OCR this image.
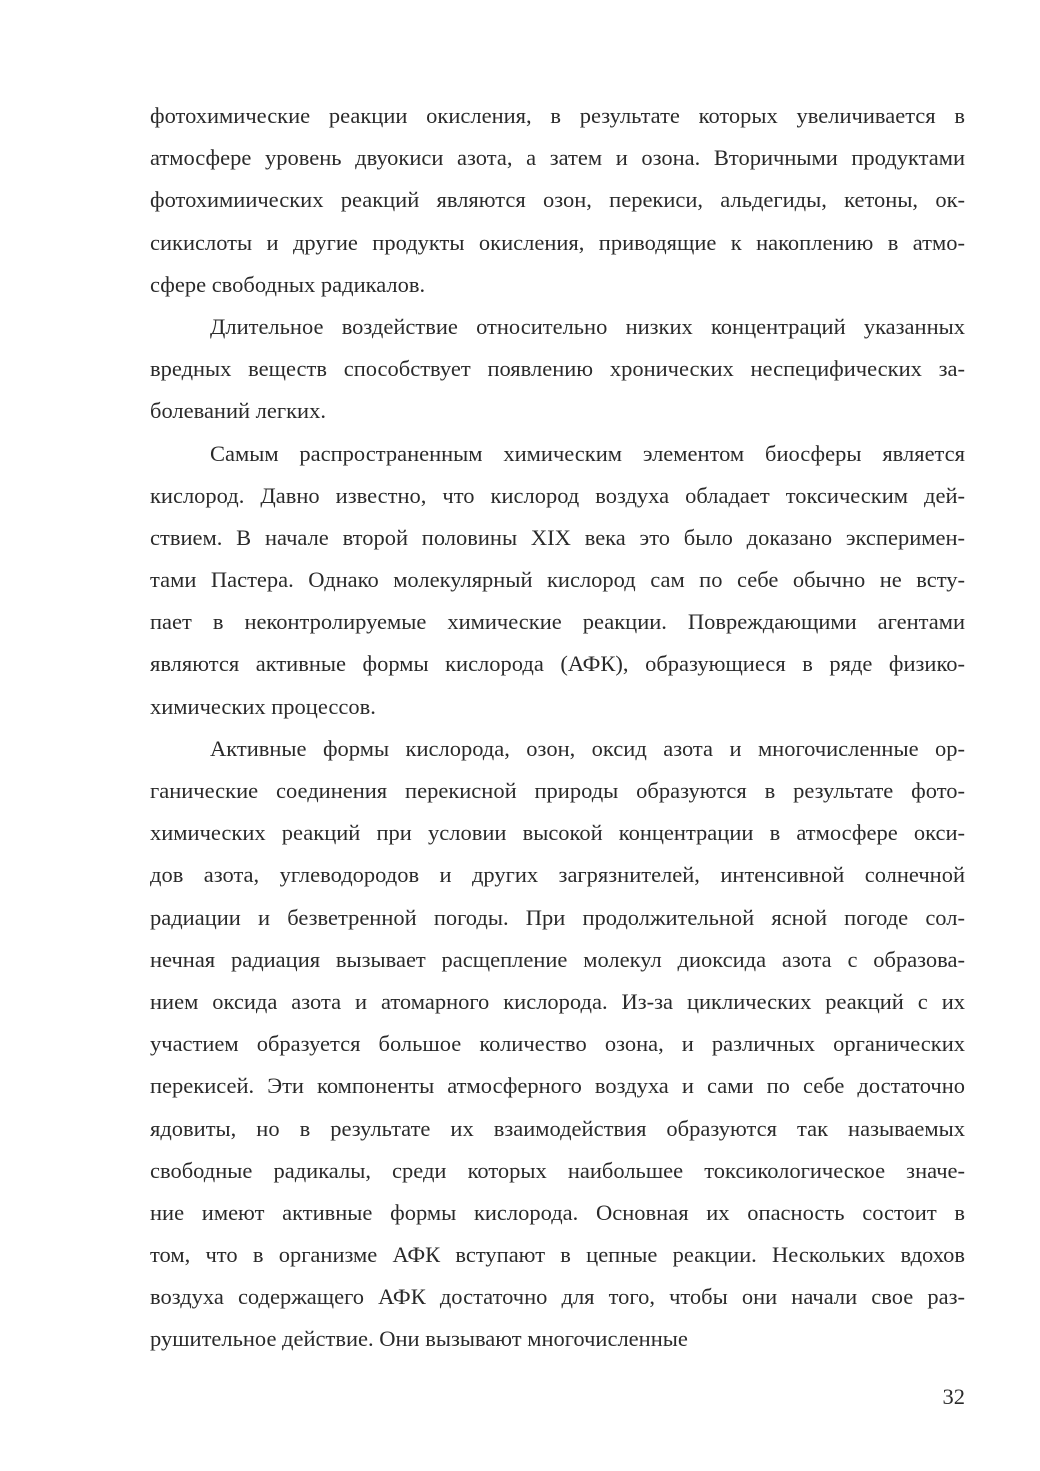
фотохимические реакции окисления, в результате которых увеличивается в
атмосфере уровень двуокиси азота, а затем и озона. Вторичными продуктами
фотохимиических реакций являются озон, перекиси, альдегиды, кетоны, ок-
сикислоты и другие продукты окисления, приводящие к накоплению в атмо-
сфере свободных радикалов.
Длительное воздействие относительно низких концентраций указанных
вредных веществ способствует появлению хронических неспецифических за-
болеваний легких.
Самым распространенным химическим элементом биосферы является
кислород. Давно известно, что кислород воздуха обладает токсическим дей-
ствием. В начале второй половины XIX века это было доказано эксперимен-
тами Пастера. Однако молекулярный кислород сам по себе обычно не всту-
пает в неконтролируемые химические реакции. Повреждающими агентами
являются активные формы кислорода (АФК), образующиеся в ряде физико-
химических процессов.
Активные формы кислорода, озон, оксид азота и многочисленные ор-
ганические соединения перекисной природы образуются в результате фото-
химических реакций при условии высокой концентрации в атмосфере окси-
дов азота, углеводородов и других загрязнителей, интенсивной солнечной
радиации и безветренной погоды. При продолжительной ясной погоде сол-
нечная радиация вызывает расщепление молекул диоксида азота с образова-
нием оксида азота и атомарного кислорода. Из-за циклических реакций с их
участием образуется большое количество озона, и различных органических
перекисей. Эти компоненты атмосферного воздуха и сами по себе достаточно
ядовиты, но в результате их взаимодействия образуются так называемых
свободные радикалы, среди которых наибольшее токсикологическое значе-
ние имеют активные формы кислорода. Основная их опасность состоит в
том, что в организме АФК вступают в цепные реакции. Нескольких вдохов
воздуха содержащего АФК достаточно для того, чтобы они начали свое раз-
рушительное действие. Они вызывают многочисленные
32
